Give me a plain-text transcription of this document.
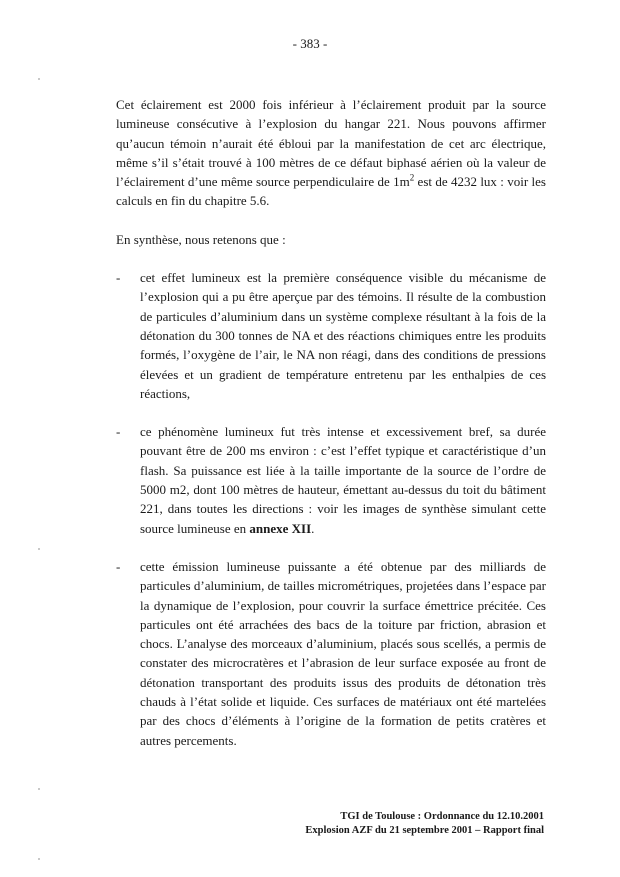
- 383 -

Cet éclairement est 2000 fois inférieur à l’éclairement produit par la source lumineuse consécutive à l’explosion du hangar 221. Nous pouvons affirmer qu’aucun témoin n’aurait été ébloui par la manifestation de cet arc électrique, même s’il s’était trouvé à 100 mètres de ce défaut biphasé aérien où la valeur de l’éclairement d’une même source perpendiculaire de $1m^2$ est de 4232 lux : voir les calculs en fin du chapitre 5.6.

En synthèse, nous retenons que :

- cet effet lumineux est la première conséquence visible du mécanisme de l’explosion qui a pu être aperçue par des témoins. Il résulte de la combustion de particules d’aluminium dans un système complexe résultant à la fois de la détonation du 300 tonnes de NA et des réactions chimiques entre les produits formés, l’oxygène de l’air, le NA non réagi, dans des conditions de pressions élevées et un gradient de température entretenu par les enthalpies de ces réactions,
- ce phénomène lumineux fut très intense et excessivement bref, sa durée pouvant être de 200 ms environ : c’est l’effet typique et caractéristique d’un flash. Sa puissance est liée à la taille importante de la source de l’ordre de 5000 m2, dont 100 mètres de hauteur, émettant au-dessus du toit du bâtiment 221, dans toutes les directions : voir les images de synthèse simulant cette source lumineuse en annexe XII.
- cette émission lumineuse puissante a été obtenue par des milliards de particules d’aluminium, de tailles micrométriques, projetées dans l’espace par la dynamique de l’explosion, pour couvrir la surface émettrice précitée. Ces particules ont été arrachées des bacs de la toiture par friction, abrasion et chocs. L’analyse des morceaux d’aluminium, placés sous scellés, a permis de constater des microcratères et l’abrasion de leur surface exposée au front de détonation transportant des produits issus des produits de détonation très chauds à l’état solide et liquide. Ces surfaces de matériaux ont été martelées par des chocs d’éléments à l’origine de la formation de petits cratères et autres percements.
TGI de Toulouse : Ordonnance du 12.10.2001
Explosion AZF du 21 septembre 2001 – Rapport final
